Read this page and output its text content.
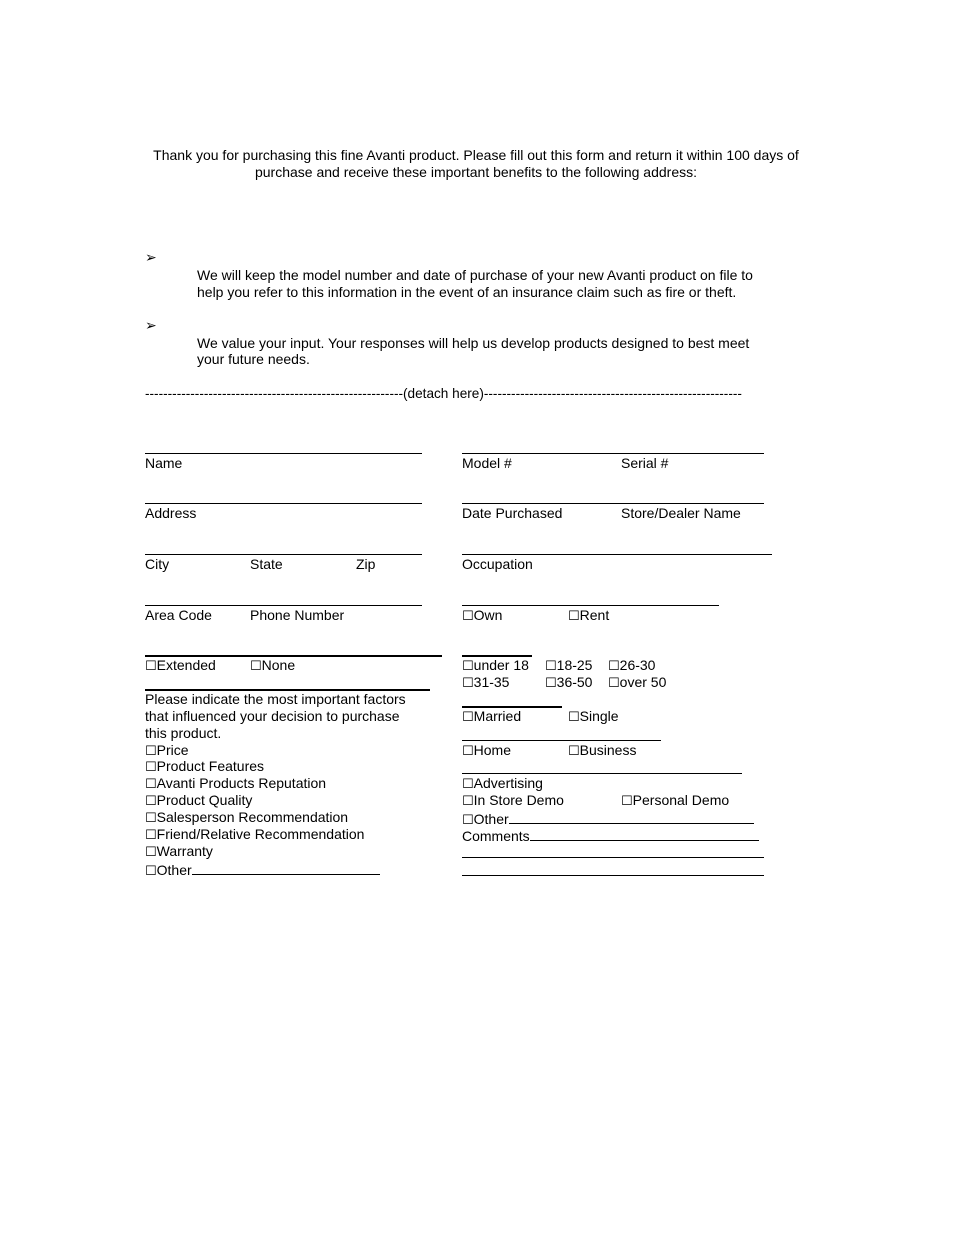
Thank you for purchasing this fine Avanti product. Please fill out this form and return it within 100 days of purchase and receive these important benefits to the following address:
➢
We will keep the model number and date of purchase of your new Avanti product on file to
help you refer to this information in the event of an insurance claim such as fire or theft.
➢
We value your input. Your responses will help us develop products designed to best meet
your future needs.
---------------------------------------------------------(detach here)---------------------------------------------------------
Name
Address
City	State	Zip
Area Code	Phone Number
☐Extended	☐None
Please indicate the most important factors
that influenced your decision to purchase
this product.
☐Price
☐Product Features
☐Avanti Products Reputation
☐Product Quality
☐Salesperson Recommendation
☐Friend/Relative Recommendation
☐Warranty
☐Other
Model #	Serial #
Date Purchased	Store/Dealer Name
Occupation
☐Own	☐Rent
☐under 18 ☐18-25 ☐26-30
☐31-35	☐36-50 ☐over 50
☐Married	☐Single
☐Home	☐Business
☐Advertising
☐In Store Demo	☐Personal Demo
☐Other
Comments
